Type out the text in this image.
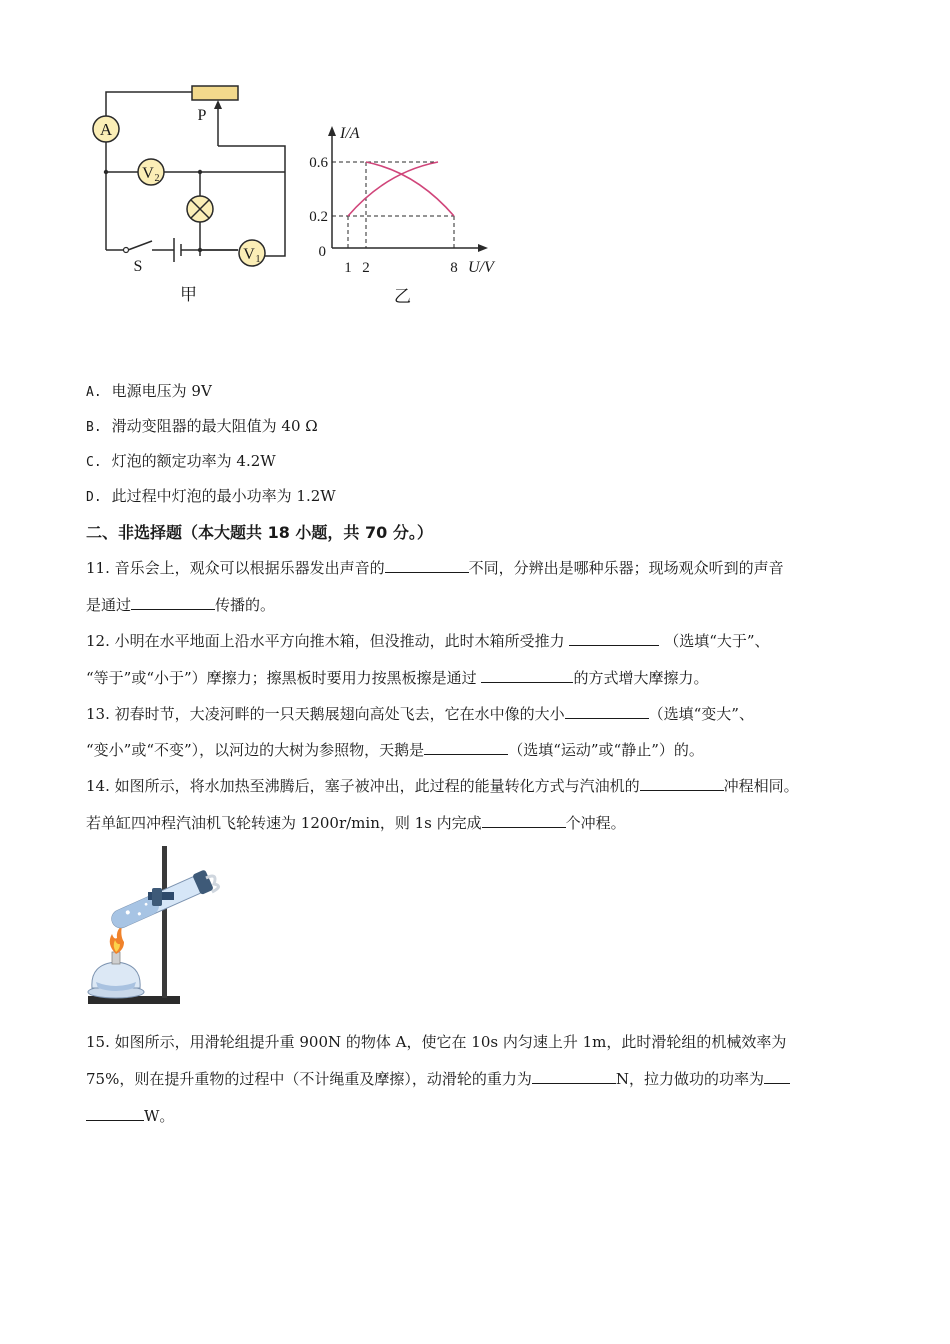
A
V 2
V 1
P
S
甲
I/A
U/V
0.6
0.2
0
1 2	8
乙
A. 电源电压为 9V
B. 滑动变阻器的最大阻值为 40 Ω
C. 灯泡的额定功率为 4.2W
D. 此过程中灯泡的最小功率为 1.2W
二、非选择题（本大题共 18 小题，共 70 分。）
11. 音乐会上，观众可以根据乐器发出声音的	不同，分辨出是哪种乐器；现场观众听到的声音
是通过	传播的。
12. 小明在水平地面上沿水平方向推木箱，但没推动，此时木箱所受推力	（选填“大于”、
“等于”或“小于”）摩擦力；擦黑板时要用力按黑板擦是通过	的方式增大摩擦力。
13. 初春时节，大凌河畔的一只天鹅展翅向高处飞去，它在水中像的大小	（选填“变大”、
“变小”或“不变”），以河边的大树为参照物，天鹅是	（选填“运动”或“静止”）的。
14. 如图所示，将水加热至沸腾后，塞子被冲出，此过程的能量转化方式与汽油机的	冲程相同。
若单缸四冲程汽油机飞轮转速为 1200r/min，则 1s 内完成	个冲程。
15. 如图所示，用滑轮组提升重 900N 的物体 A，使它在 10s 内匀速上升 1m，此时滑轮组的机械效率为
75%，则在提升重物的过程中（不计绳重及摩擦），动滑轮的重力为	N，拉力做功的功率为
W。
